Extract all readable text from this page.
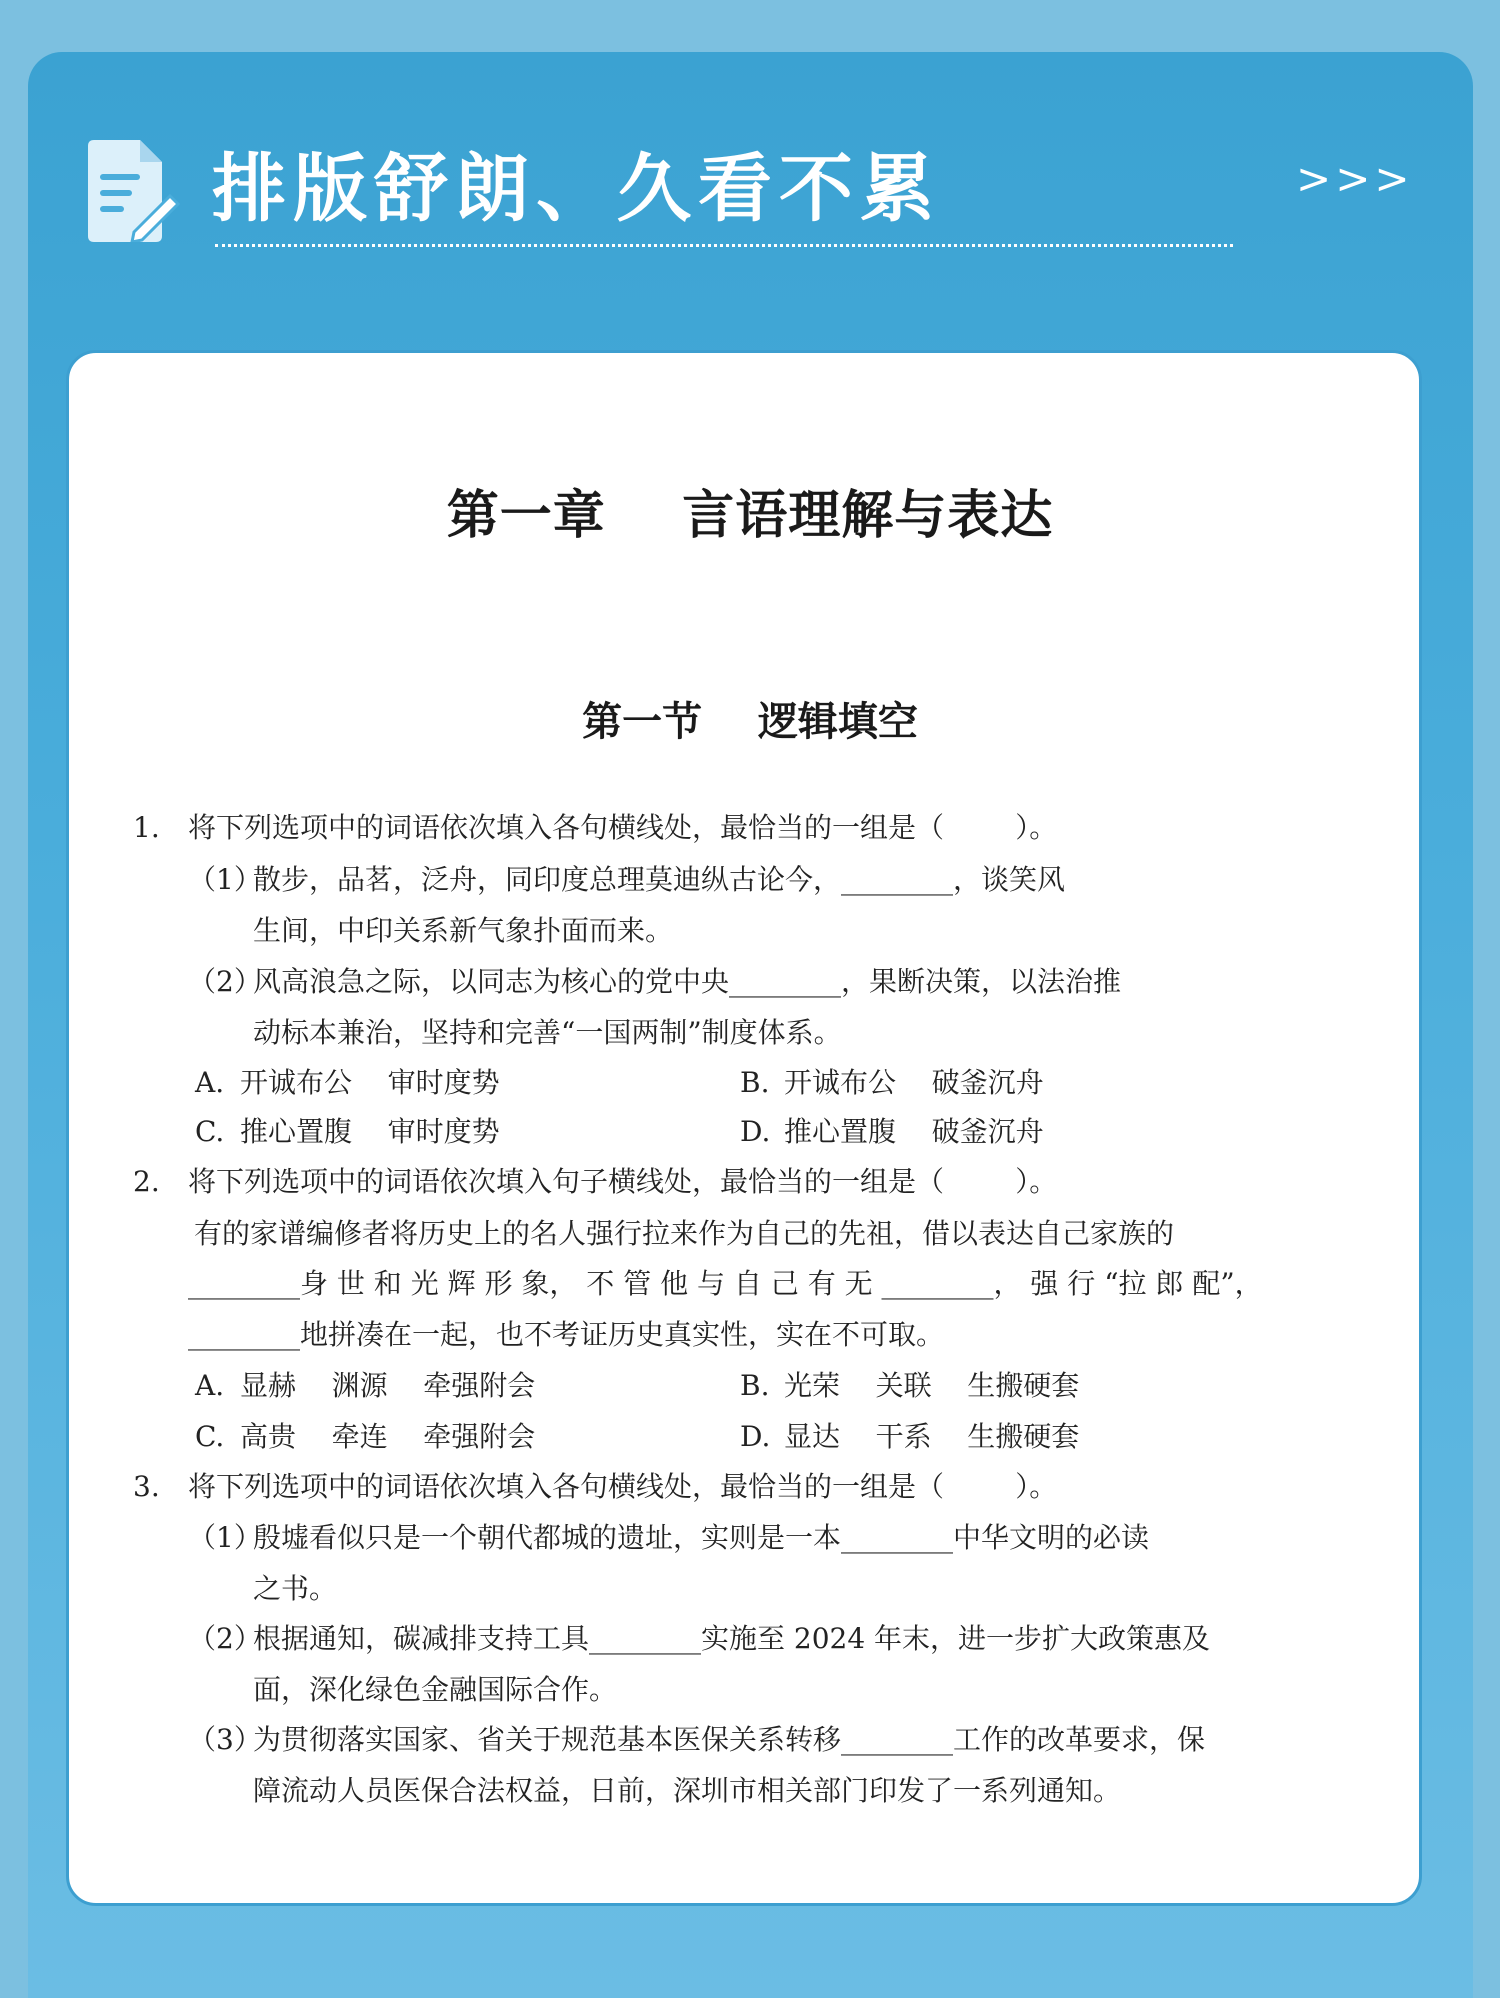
排版舒朗、久看不累	>>>
第一章    言语理解与表达
第一节    逻辑填空
1. 将下列选项中的词语依次填入各句横线处，最恰当的一组是（        ）。
（1）
散步，品茗，泛舟，同印度总理莫迪纵古论今，________，谈笑风
生间，中印关系新气象扑面而来。
（2）
风高浪急之际，以同志为核心的党中央________，果断决策，以法治推
动标本兼治，坚持和完善“一国两制”制度体系。
A. 开诚布公    审时度势	B. 开诚布公    破釜沉舟
C. 推心置腹    审时度势	D. 推心置腹    破釜沉舟
2. 将下列选项中的词语依次填入句子横线处，最恰当的一组是（        ）。
有的家谱编修者将历史上的名人强行拉来作为自己的先祖，借以表达自己家族的
________身 世 和 光 辉 形 象， 不 管 他 与 自 己 有 无 ________， 强 行 “拉 郎 配”，
________地拼凑在一起，也不考证历史真实性，实在不可取。
A. 显赫    渊源    牵强附会	B. 光荣    关联    生搬硬套
C. 高贵    牵连    牵强附会	D. 显达    干系    生搬硬套
3. 将下列选项中的词语依次填入各句横线处，最恰当的一组是（        ）。
（1）
殷墟看似只是一个朝代都城的遗址，实则是一本________中华文明的必读
之书。
（2）
根据通知，碳减排支持工具________实施至 2024 年末，进一步扩大政策惠及
面，深化绿色金融国际合作。
（3）
为贯彻落实国家、省关于规范基本医保关系转移________工作的改革要求，保
障流动人员医保合法权益，日前，深圳市相关部门印发了一系列通知。
